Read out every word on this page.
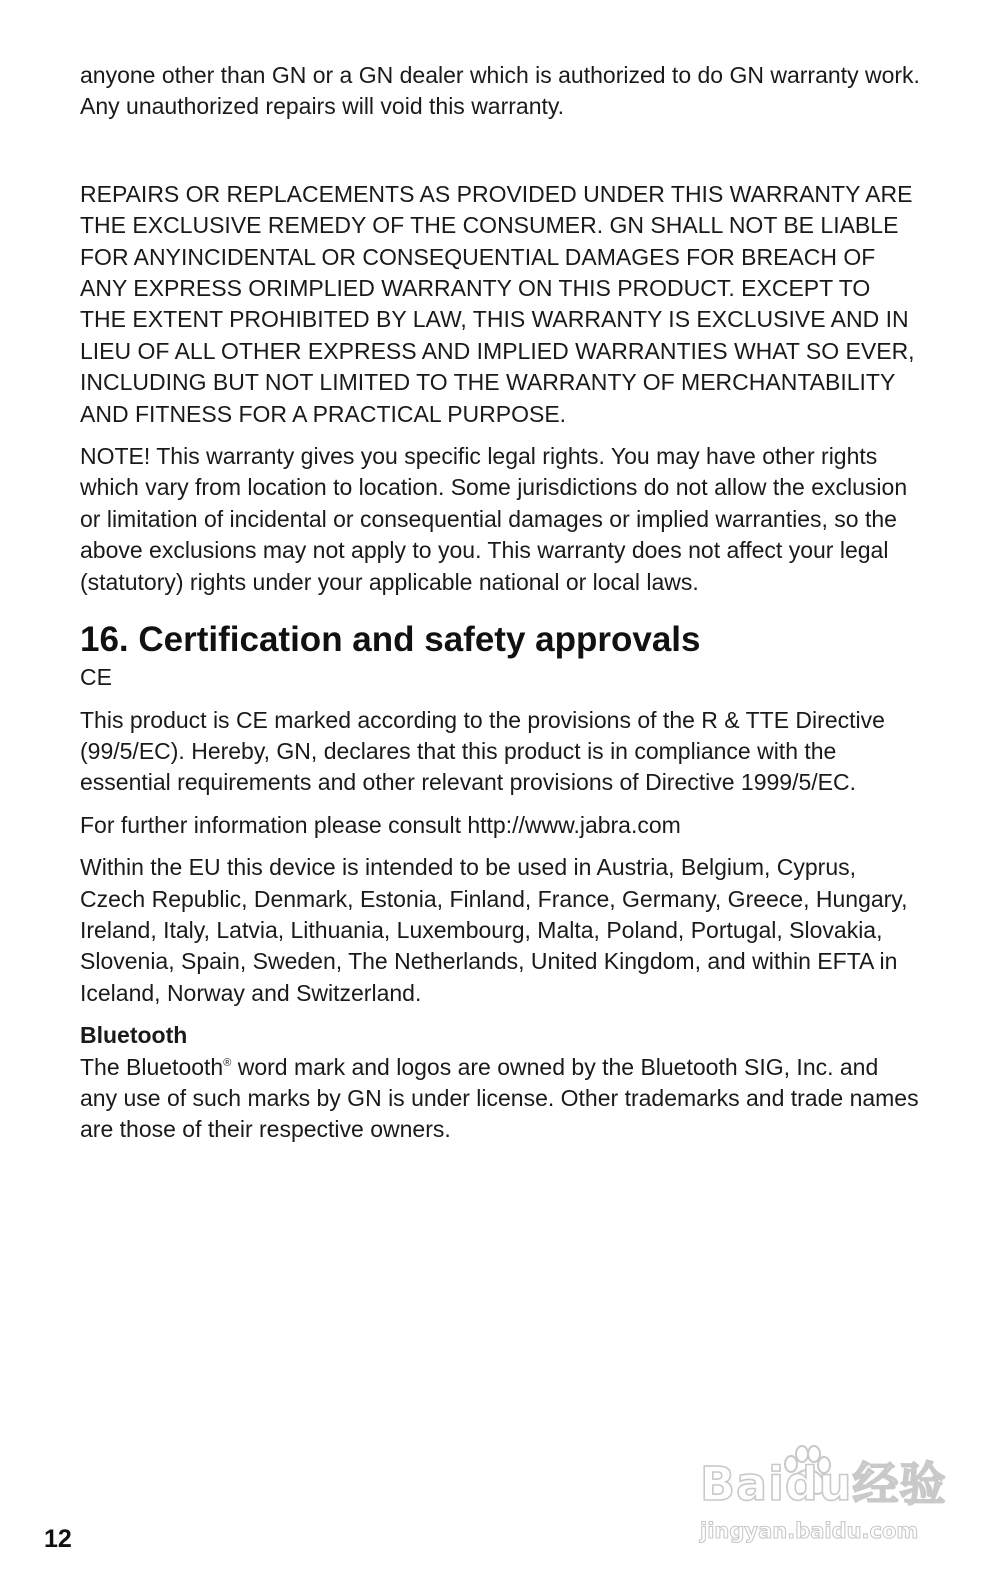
anyone other than GN or a GN dealer which is authorized to do GN warranty work. Any unauthorized repairs will void this warranty.

REPAIRS OR REPLACEMENTS AS PROVIDED UNDER THIS WARRANTY ARE THE EXCLUSIVE REMEDY OF THE CONSUMER. GN SHALL NOT BE LIABLE FOR ANYINCIDENTAL OR CONSEQUENTIAL DAMAGES FOR BREACH OF ANY EXPRESS ORIMPLIED WARRANTY ON THIS PRODUCT. EXCEPT TO THE EXTENT PROHIBITED BY LAW, THIS WARRANTY IS EXCLUSIVE AND IN LIEU OF ALL OTHER EXPRESS AND IMPLIED WARRANTIES WHAT SO EVER, INCLUDING BUT NOT LIMITED TO THE WARRANTY OF MERCHANTABILITY AND FITNESS FOR A PRACTICAL PURPOSE.

NOTE! This warranty gives you specific legal rights. You may have other rights which vary from location to location. Some jurisdictions do not allow the exclusion or limitation of incidental or consequential damages or implied warranties, so the above exclusions may not apply to you. This warranty does not affect your legal (statutory) rights under your applicable national or local laws.

16. Certification and safety approvals

CE

This product is CE marked according to the provisions of the R & TTE Directive (99/5/EC). Hereby, GN, declares that this product is in compliance with the essential requirements and other relevant provisions of Directive 1999/5/EC.

For further information please consult http://www.jabra.com

Within the EU this device is intended to be used in Austria, Belgium, Cyprus, Czech Republic, Denmark, Estonia, Finland, France, Germany, Greece, Hungary, Ireland, Italy, Latvia, Lithuania, Luxembourg, Malta, Poland, Portugal, Slovakia, Slovenia, Spain, Sweden, The Netherlands, United Kingdom, and within EFTA in Iceland, Norway and Switzerland.

Bluetooth

The Bluetooth® word mark and logos are owned by the Bluetooth SIG, Inc. and any use of such marks by GN is under license. Other trademarks and trade names are those of their respective owners.

12
Baidu经验
jingyan.baidu.com
